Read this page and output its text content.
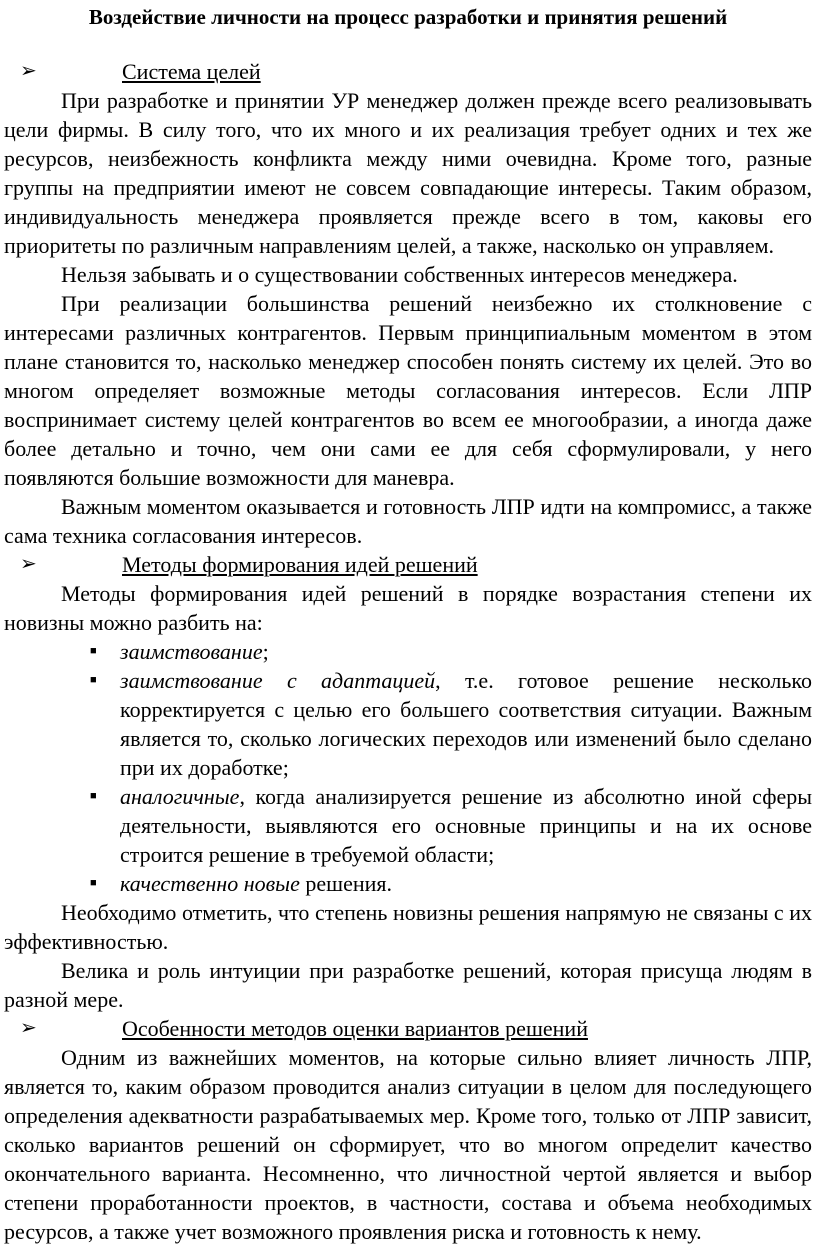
Воздействие личности на процесс разработки и принятия решений
➢	Система целей

При разработке и принятии УР менеджер должен прежде всего реализовывать цели фирмы. В силу того, что их много и их реализация требует одних и тех же ресурсов, неизбежность конфликта между ними очевидна. Кроме того, разные группы на предприятии имеют не совсем совпадающие интересы. Таким образом, индивидуальность менеджера проявляется прежде всего в том, каковы его приоритеты по различным направлениям целей, а также, насколько он управляем.

Нельзя забывать и о существовании собственных интересов менеджера.

При реализации большинства решений неизбежно их столкновение с интересами различных контрагентов. Первым принципиальным моментом в этом плане становится то, насколько менеджер способен понять систему их целей. Это во многом определяет возможные методы согласования интересов. Если ЛПР воспринимает систему целей контрагентов во всем ее многообразии, а иногда даже более детально и точно, чем они сами ее для себя сформулировали, у него появляются большие возможности для маневра.

Важным моментом оказывается и готовность ЛПР идти на компромисс, а также сама техника согласования интересов.

➢	Методы формирования идей решений

Методы формирования идей решений в порядке возрастания степени их новизны можно разбить на:

■ заимствование;
■ заимствование с адаптацией, т.е. готовое решение несколько корректируется с целью его большего соответствия ситуации. Важным является то, сколько логических переходов или изменений было сделано при их доработке;
■ аналогичные, когда анализируется решение из абсолютно иной сферы деятельности, выявляются его основные принципы и на их основе строится решение в требуемой области;
■ качественно новые решения.

Необходимо отметить, что степень новизны решения напрямую не связаны с их эффективностью.

Велика и роль интуиции при разработке решений, которая присуща людям в разной мере.

➢	Особенности методов оценки вариантов решений

Одним из важнейших моментов, на которые сильно влияет личность ЛПР, является то, каким образом проводится анализ ситуации в целом для последующего определения адекватности разрабатываемых мер. Кроме того, только от ЛПР зависит, сколько вариантов решений он сформирует, что во многом определит качество окончательного варианта. Несомненно, что личностной чертой является и выбор степени проработанности проектов, в частности, состава и объема необходимых ресурсов, а также учет возможного проявления риска и готовность к нему.
